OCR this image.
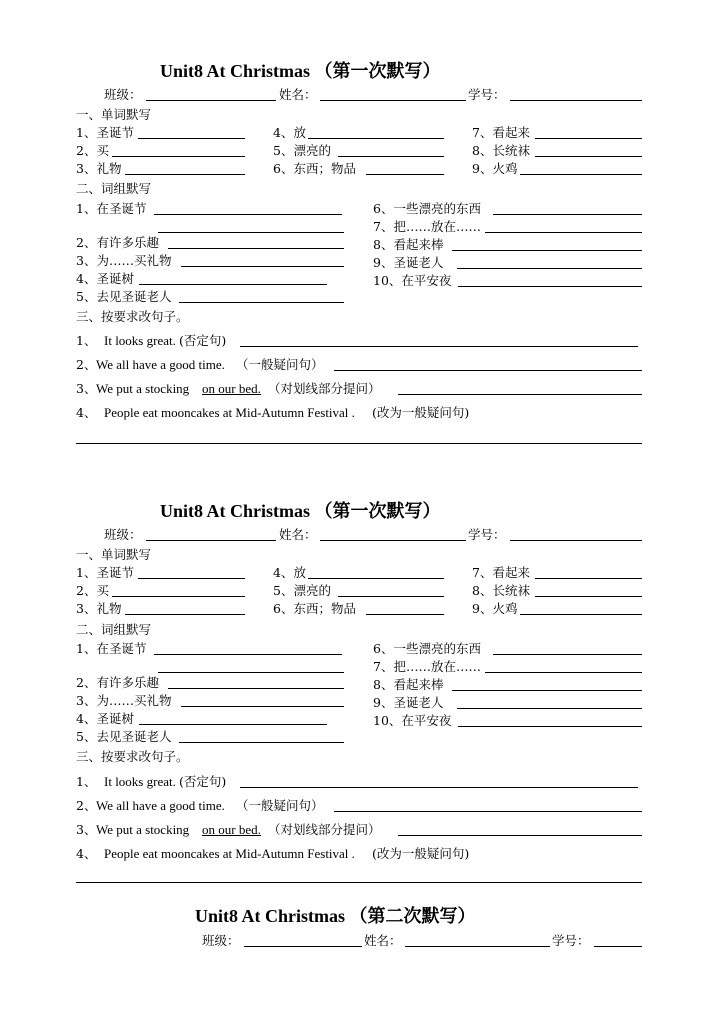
Unit8 At Christmas （第一次默写）
班级：	姓名：	学号：
一、单词默写
1、圣诞节	4、放	7、看起来
2、买	5、漂亮的	8、长统袜
3、礼物	6、东西；物品	9、火鸡
二、词组默写
1、在圣诞节	6、一些漂亮的东西
7、把……放在……
2、有许多乐趣	8、看起来棒
3、为……买礼物	9、圣诞老人
4、圣诞树	10、在平安夜
5、去见圣诞老人
三、按要求改句子。
1、 It looks great. (否定句)
2、 We all have a good time. （一般疑问句）
3、 We put a stocking on our bed. （对划线部分提问）
4、 People eat mooncakes at Mid-Autumn Festival . (改为一般疑问句)
Unit8 At Christmas （第一次默写）
班级：	姓名：	学号：
一、单词默写
1、圣诞节	4、放	7、看起来
2、买	5、漂亮的	8、长统袜
3、礼物	6、东西；物品	9、火鸡
二、词组默写
1、在圣诞节	6、一些漂亮的东西
7、把……放在……
2、有许多乐趣	8、看起来棒
3、为……买礼物	9、圣诞老人
4、圣诞树	10、在平安夜
5、去见圣诞老人
三、按要求改句子。
1、 It looks great. (否定句)
2、 We all have a good time. （一般疑问句）
3、 We put a stocking on our bed. （对划线部分提问）
4、 People eat mooncakes at Mid-Autumn Festival . (改为一般疑问句)
Unit8 At Christmas （第二次默写）
班级：	姓名：	学号：
